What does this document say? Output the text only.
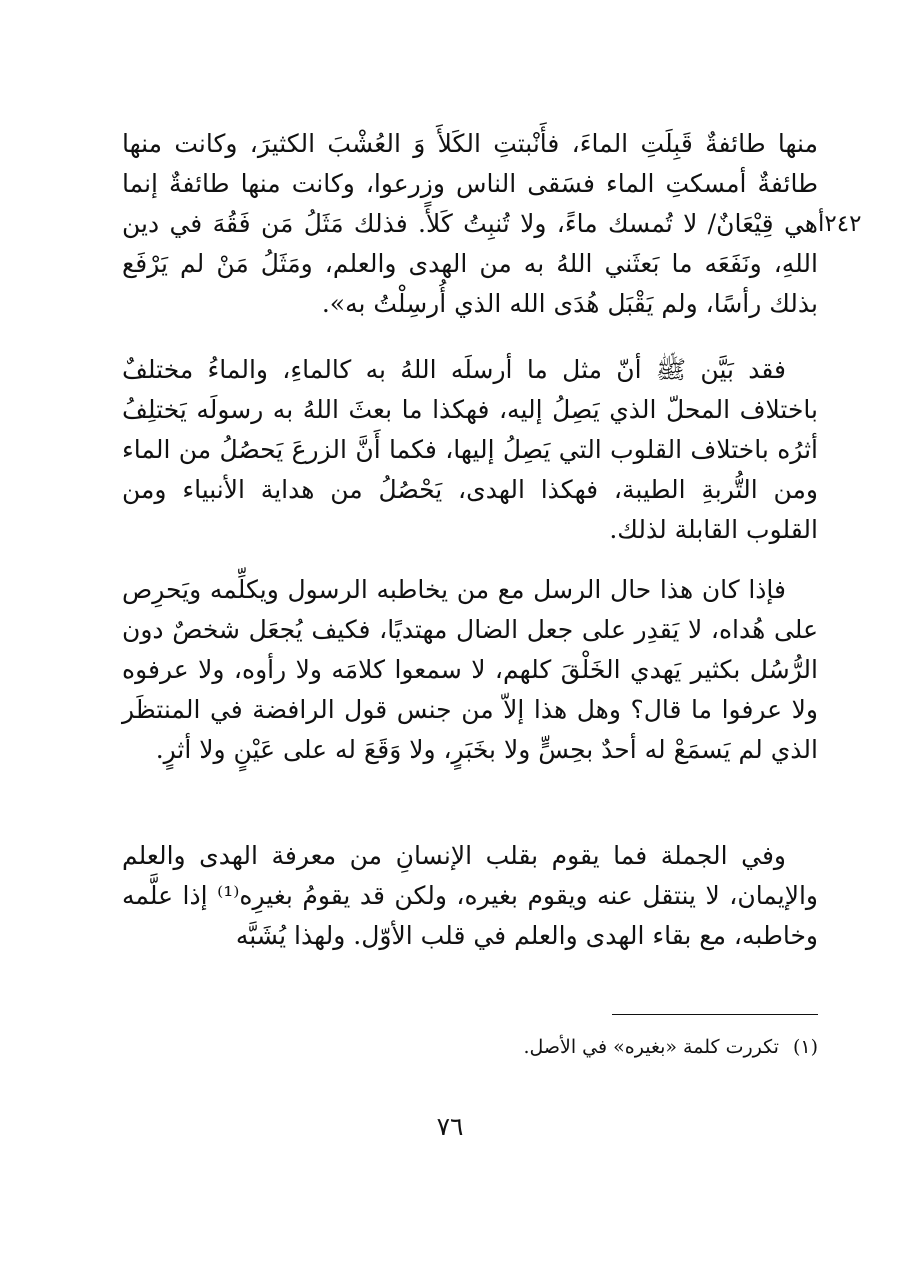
٢٤٢أ

منها طائفةٌ قَبِلَتِ الماءَ، فأَنْبتتِ الكَلأَ وَ العُشْبَ الكثيرَ، وكانت منها طائفةٌ أمسكتِ الماء فسَقى الناس وزرعوا، وكانت منها طائفةٌ إنما هي قِيْعَانٌ/ لا تُمسك ماءً، ولا تُنبِتُ كَلأً. فذلك مَثَلُ مَن فَقُهَ في دين اللهِ، ونَفَعَه ما بَعثَني اللهُ به من الهدى والعلم، ومَثَلُ مَنْ لم يَرْفَع بذلك رأسًا، ولم يَقْبَل هُدَى الله الذي أُرسِلْتُ به».

فقد بَيَّن ﷺ أنّ مثل ما أرسلَه اللهُ به كالماءِ، والماءُ مختلفٌ باختلاف المحلّ الذي يَصِلُ إليه، فهكذا ما بعثَ اللهُ به رسولَه يَختلِفُ أثرُه باختلاف القلوب التي يَصِلُ إليها، فكما أَنَّ الزرعَ يَحصُلُ من الماء ومن التُّربةِ الطيبة، فهكذا الهدى، يَحْصُلُ من هداية الأنبياء ومن القلوب القابلة لذلك.

فإذا كان هذا حال الرسل مع من يخاطبه الرسول ويكلِّمه ويَحرِص على هُداه، لا يَقدِر على جعل الضال مهتديًا، فكيف يُجعَل شخصٌ دون الرُّسُل بكثير يَهدي الخَلْقَ كلهم، لا سمعوا كلامَه ولا رأوه، ولا عرفوه ولا عرفوا ما قال؟ وهل هذا إلاّ من جنس قول الرافضة في المنتظَر الذي لم يَسمَعْ له أحدٌ بحِسٍّ ولا بخَبَرٍ، ولا وَقَعَ له على عَيْنٍ ولا أثرٍ.

وفي الجملة فما يقوم بقلب الإنسانِ من معرفة الهدى والعلم والإيمان، لا ينتقل عنه ويقوم بغيره، ولكن قد يقومُ بغيرِه⁽¹⁾ إذا علَّمه وخاطبه، مع بقاء الهدى والعلم في قلب الأوّل. ولهذا يُشَبَّه

(١)تكررت كلمة «بغيره» في الأصل.
٧٦
